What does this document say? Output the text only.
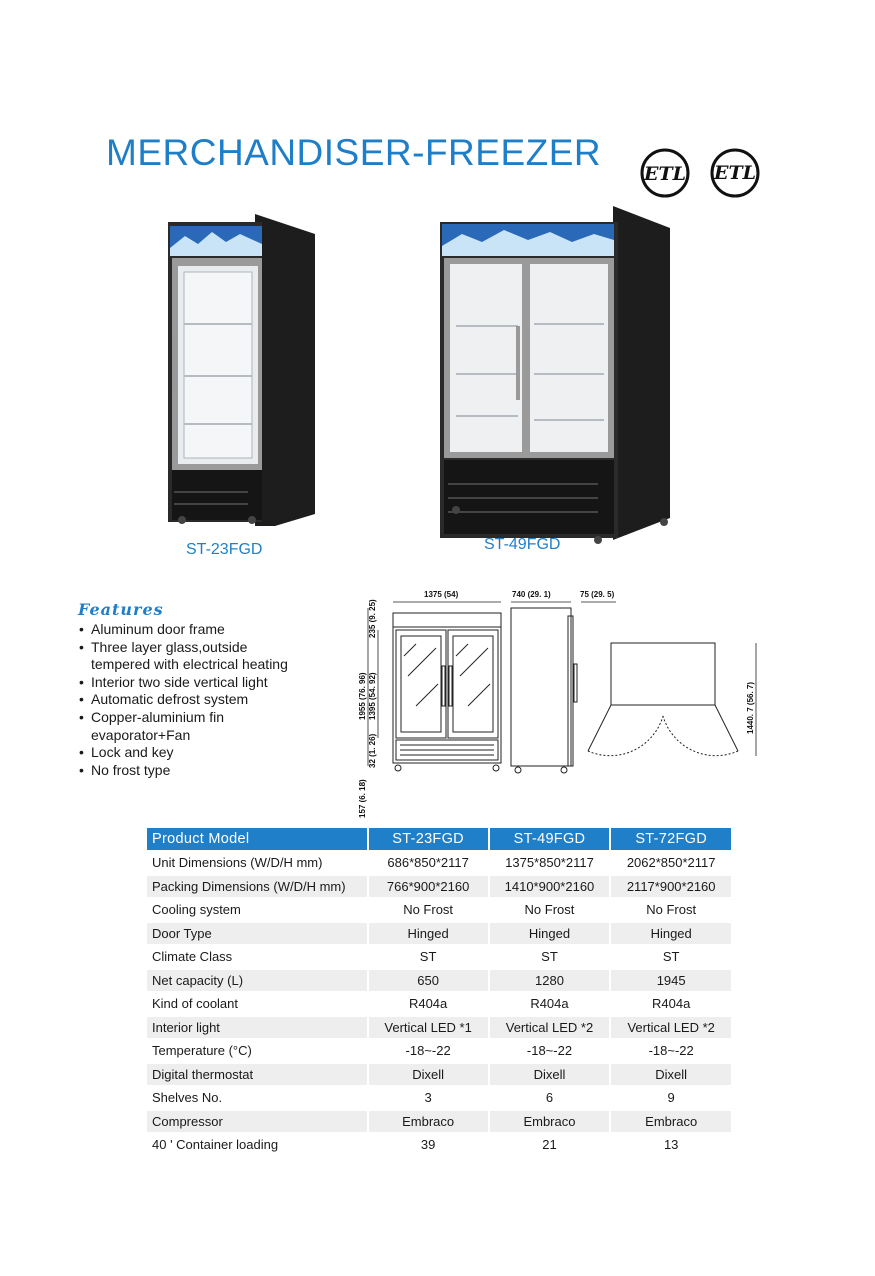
MERCHANDISER-FREEZER
ETL ETL
ST-23FGD	ST-49FGD
Features
• Aluminum door frame
• Three layer glass,outside
tempered with electrical heating
• Interior two side vertical light
• Automatic defrost system
• Copper-aluminium fin
evaporator+Fan
• Lock and key
• No frost type
1375 (54)	740 (29. 1)	75 (29. 5)
235 (9. 25)
1955 (76. 96) 1395 (54. 92)
32 (1. 26)
157 (6. 18)
1440. 7 (56. 7)
Product Model	ST-23FGD	ST-49FGD	ST-72FGD
Unit Dimensions (W/D/H mm)	686*850*2117	1375*850*2117	2062*850*2117
Packing Dimensions (W/D/H mm)	766*900*2160	1410*900*2160	2117*900*2160
Cooling system	No Frost	No Frost	No Frost
Door Type	Hinged	Hinged	Hinged
Climate Class	ST	ST	ST
Net capacity (L)	650	1280	1945
Kind of coolant	R404a	R404a	R404a
Interior light	Vertical LED *1	Vertical LED *2	Vertical LED *2
Temperature (°C)	-18~-22	-18~-22	-18~-22
Digital thermostat	Dixell	Dixell	Dixell
Shelves No.	3	6	9
Compressor	Embraco	Embraco	Embraco
40 ' Container loading	39	21	13
